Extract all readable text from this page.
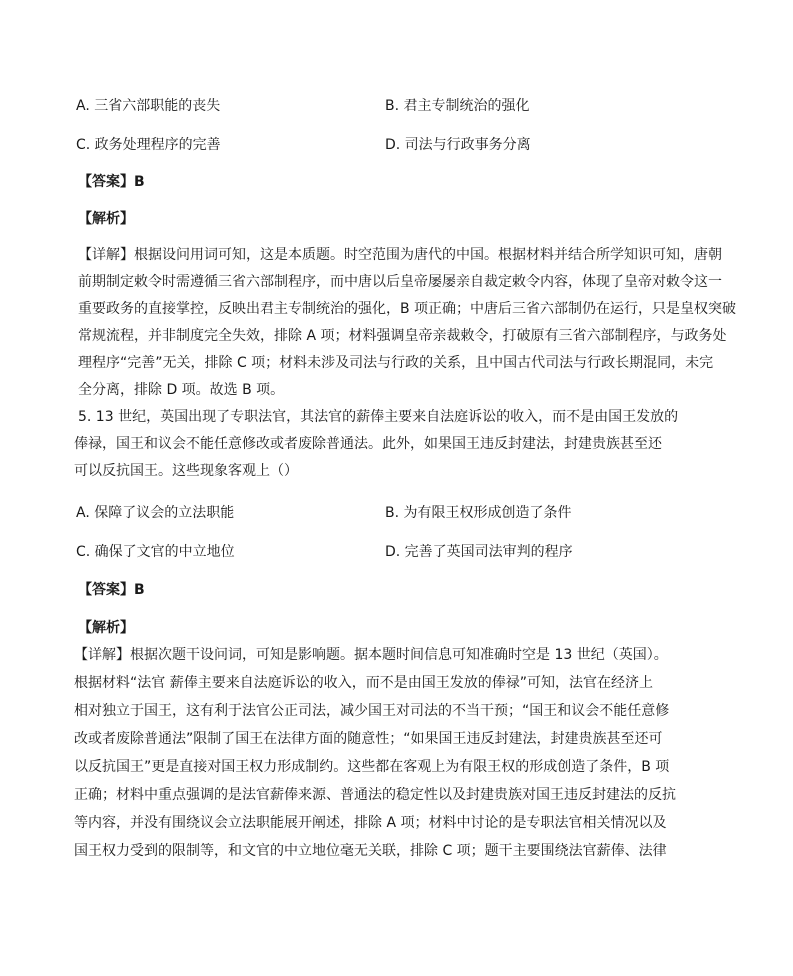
A. 三省六部职能的丧失	B. 君主专制统治的强化
C. 政务处理程序的完善	D. 司法与行政事务分离
【答案】B
【解析】
【详解】根据设问用词可知，这是本质题。时空范围为唐代的中国。根据材料并结合所学知识可知，唐朝
前期制定敕令时需遵循三省六部制程序，而中唐以后皇帝屡屡亲自裁定敕令内容，体现了皇帝对敕令这一
重要政务的直接掌控，反映出君主专制统治的强化，B 项正确；中唐后三省六部制仍在运行，只是皇权突破
常规流程，并非制度完全失效，排除 A 项；材料强调皇帝亲裁敕令，打破原有三省六部制程序，与政务处
理程序“完善”无关，排除 C 项；材料未涉及司法与行政的关系，且中国古代司法与行政长期混同，未完
全分离，排除 D 项。故选 B 项。
5. 13 世纪，英国出现了专职法官，其法官的薪俸主要来自法庭诉讼的收入，而不是由国王发放的
俸禄，国王和议会不能任意修改或者废除普通法。此外，如果国王违反封建法，封建贵族甚至还
可以反抗国王。这些现象客观上（）
A. 保障了议会的立法职能	B. 为有限王权形成创造了条件
C. 确保了文官的中立地位	D. 完善了英国司法审判的程序
【答案】B
【解析】
【详解】根据次题干设问词，可知是影响题。据本题时间信息可知准确时空是 13 世纪（英国）。
根据材料“法官 薪俸主要来自法庭诉讼的收入，而不是由国王发放的俸禄”可知，法官在经济上
相对独立于国王，这有利于法官公正司法，减少国王对司法的不当干预；“国王和议会不能任意修
改或者废除普通法”限制了国王在法律方面的随意性；“如果国王违反封建法，封建贵族甚至还可
以反抗国王”更是直接对国王权力形成制约。这些都在客观上为有限王权的形成创造了条件，B 项
正确；材料中重点强调的是法官薪俸来源、普通法的稳定性以及封建贵族对国王违反封建法的反抗
等内容，并没有围绕议会立法职能展开阐述，排除 A 项；材料中讨论的是专职法官相关情况以及
国王权力受到的限制等，和文官的中立地位毫无关联，排除 C 项；题干主要围绕法官薪俸、法律
